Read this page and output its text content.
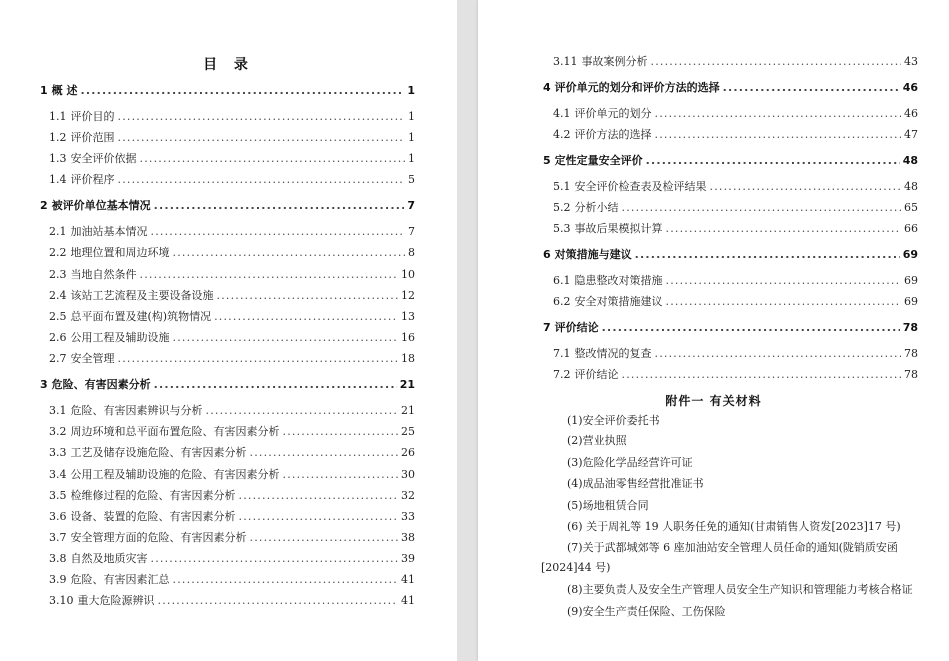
目 录
1 概 述 .....	1
1.1 评价目的 .....	1
1.2 评价范围 .....	1
1.3 安全评价依据 .....	1
1.4 评价程序 .....	5
2 被评价单位基本情况 .....	7
2.1 加油站基本情况 .....	7
2.2 地理位置和周边环境 .....	8
2.3 当地自然条件 .....	10
2.4 该站工艺流程及主要设备设施 .....	12
2.5 总平面布置及建(构)筑物情况 .....	13
2.6 公用工程及辅助设施 .....	16
2.7 安全管理 .....	18
3 危险、有害因素分析 .....	21
3.1 危险、有害因素辨识与分析 .....	21
3.2 周边环境和总平面布置危险、有害因素分析 .....	25
3.3 工艺及储存设施危险、有害因素分析 .....	26
3.4 公用工程及辅助设施的危险、有害因素分析 .....	30
3.5 检维修过程的危险、有害因素分析 .....	32
3.6 设备、装置的危险、有害因素分析 .....	33
3.7 安全管理方面的危险、有害因素分析 .....	38
3.8 自然及地质灾害 .....	39
3.9 危险、有害因素汇总 .....	41
3.10 重大危险源辨识 .....	41
3.11 事故案例分析 .....	43
4 评价单元的划分和评价方法的选择 .....	46
4.1 评价单元的划分 .....	46
4.2 评价方法的选择 .....	47
5 定性定量安全评价 .....	48
5.1 安全评价检查表及检评结果 .....	48
5.2 分析小结 .....	65
5.3 事故后果模拟计算 .....	66
6 对策措施与建议 .....	69
6.1 隐患整改对策措施 .....	69
6.2 安全对策措施建议 .....	69
7 评价结论 .....	78
7.1 整改情况的复查 .....	78
7.2 评价结论 .....	78
附件一 有关材料
(1)安全评价委托书
(2)营业执照
(3)危险化学品经营许可证
(4)成品油零售经营批准证书
(5)场地租赁合同
(6) 关于周礼等 19 人职务任免的通知(甘肃销售人资发[2023]17 号)
(7)关于武都城郊等 6 座加油站安全管理人员任命的通知(陇销质安函
[2024]44 号)
(8)主要负责人及安全生产管理人员安全生产知识和管理能力考核合格证
(9)安全生产责任保险、工伤保险
